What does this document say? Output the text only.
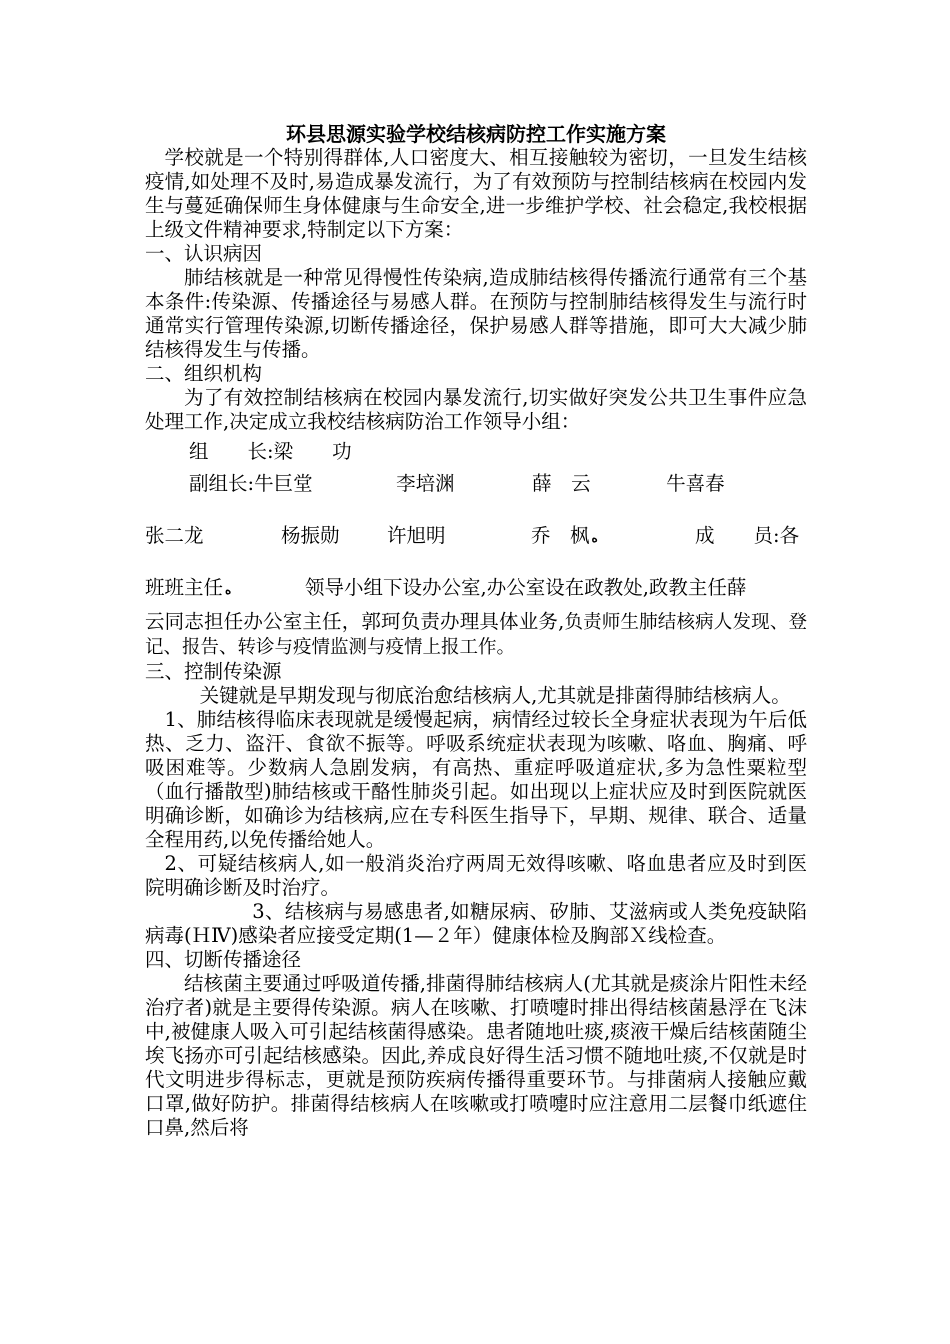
环县思源实验学校结核病防控工作实施方案

学校就是一个特别得群体,人口密度大、相互接触较为密切，一旦发生结核疫情,如处理不及时,易造成暴发流行，为了有效预防与控制结核病在校园内发生与蔓延确保师生身体健康与生命安全,进一步维护学校、社会稳定,我校根据上级文件精神要求,特制定以下方案：

一、认识病因

肺结核就是一种常见得慢性传染病,造成肺结核得传播流行通常有三个基本条件:传染源、传播途径与易感人群。在预防与控制肺结核得发生与流行时通常实行管理传染源,切断传播途径，保护易感人群等措施，即可大大减少肺结核得发生与传播。

二、组织机构

为了有效控制结核病在校园内暴发流行,切实做好突发公共卫生事件应急处理工作,决定成立我校结核病防治工作领导小组：

组　　长: 梁　　功
副组长: 牛巨堂	李培渊	薛　云	牛喜春
张二龙	杨振勋	许旭明	乔　枫 ﻩ	成　　员: 各
班班主任 ﻩ	领导小组下设办公室,办公室设在政教处,政教主任薛

云同志担任办公室主任，郭珂负责办理具体业务,负责师生肺结核病人发现、登记、报告、转诊与疫情监测与疫情上报工作。

三、控制传染源

关键就是早期发现与彻底治愈结核病人,尤其就是排菌得肺结核病人。

1、肺结核得临床表现就是缓慢起病，病情经过较长全身症状表现为午后低热、乏力、盗汗、食欲不振等。呼吸系统症状表现为咳嗽、咯血、胸痛、呼吸困难等。少数病人急剧发病，有高热、重症呼吸道症状,多为急性粟粒型（血行播散型)肺结核或干酪性肺炎引起。如出现以上症状应及时到医院就医明确诊断，如确诊为结核病,应在专科医生指导下，早期、规律、联合、适量全程用药,以免传播给她人。

2、可疑结核病人,如一般消炎治疗两周无效得咳嗽、咯血患者应及时到医院明确诊断及时治疗。

3、结核病与易感患者,如糖尿病、矽肺、艾滋病或人类免疫缺陷病毒(ＨⅣ)感染者应接受定期(1—２年）健康体检及胸部Ｘ线检查。

四、切断传播途径

结核菌主要通过呼吸道传播,排菌得肺结核病人(尤其就是痰涂片阳性未经治疗者)就是主要得传染源。病人在咳嗽、打喷嚏时排出得结核菌悬浮在飞沫中,被健康人吸入可引起结核菌得感染。患者随地吐痰,痰液干燥后结核菌随尘埃飞扬亦可引起结核感染。因此,养成良好得生活习惯不随地吐痰,不仅就是时代文明进步得标志，更就是预防疾病传播得重要环节。与排菌病人接触应戴口罩,做好防护。排菌得结核病人在咳嗽或打喷嚏时应注意用二层餐巾纸遮住口鼻,然后将
